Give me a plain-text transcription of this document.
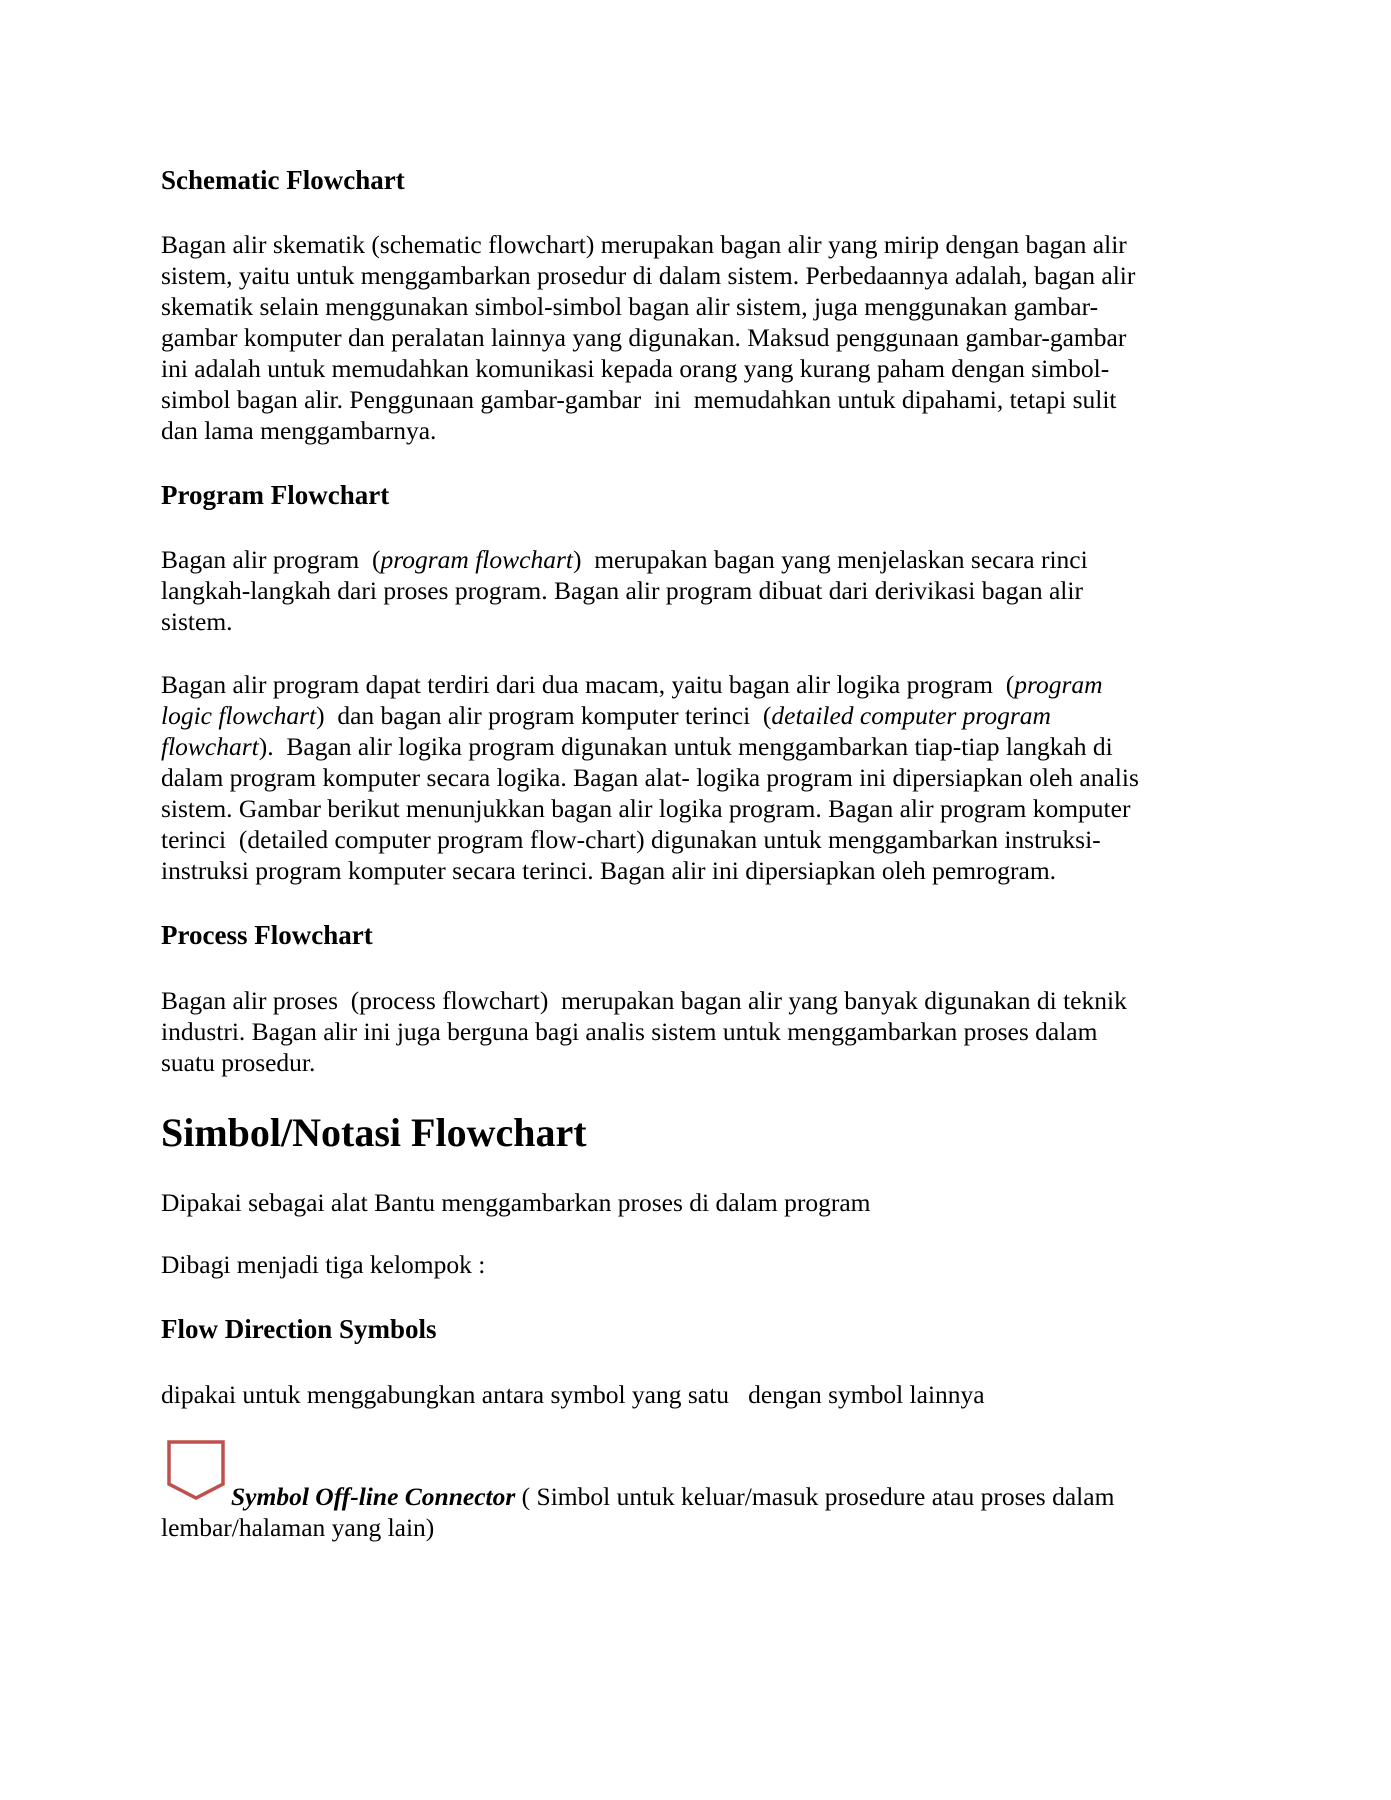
Schematic Flowchart
Bagan alir skematik (schematic flowchart) merupakan bagan alir yang mirip dengan bagan alir
sistem, yaitu untuk menggambarkan prosedur di dalam sistem. Perbedaannya adalah, bagan alir
skematik selain menggunakan simbol-simbol bagan alir sistem, juga menggunakan gambar-
gambar komputer dan peralatan lainnya yang digunakan. Maksud penggunaan gambar-gambar
ini adalah untuk memudahkan komunikasi kepada orang yang kurang paham dengan simbol-
simbol bagan alir. Penggunaan gambar-gambar  ini  memudahkan untuk dipahami, tetapi sulit
dan lama menggambarnya.
Program Flowchart
Bagan alir program  (program flowchart)  merupakan bagan yang menjelaskan secara rinci
langkah-langkah dari proses program. Bagan alir program dibuat dari derivikasi bagan alir
sistem.
Bagan alir program dapat terdiri dari dua macam, yaitu bagan alir logika program  (program
logic flowchart)  dan bagan alir program komputer terinci  (detailed computer program
flowchart).  Bagan alir logika program digunakan untuk menggambarkan tiap-tiap langkah di
dalam program komputer secara logika. Bagan alat- logika program ini dipersiapkan oleh analis
sistem. Gambar berikut menunjukkan bagan alir logika program. Bagan alir program komputer
terinci  (detailed computer program flow-chart) digunakan untuk menggambarkan instruksi-
instruksi program komputer secara terinci. Bagan alir ini dipersiapkan oleh pemrogram.
Process Flowchart
Bagan alir proses  (process flowchart)  merupakan bagan alir yang banyak digunakan di teknik
industri. Bagan alir ini juga berguna bagi analis sistem untuk menggambarkan proses dalam
suatu prosedur.
Simbol/Notasi Flowchart
Dipakai sebagai alat Bantu menggambarkan proses di dalam program
Dibagi menjadi tiga kelompok :
Flow Direction Symbols
dipakai untuk menggabungkan antara symbol yang satu   dengan symbol lainnya
Symbol Off-line Connector ( Simbol untuk keluar/masuk prosedure atau proses dalam
lembar/halaman yang lain)
